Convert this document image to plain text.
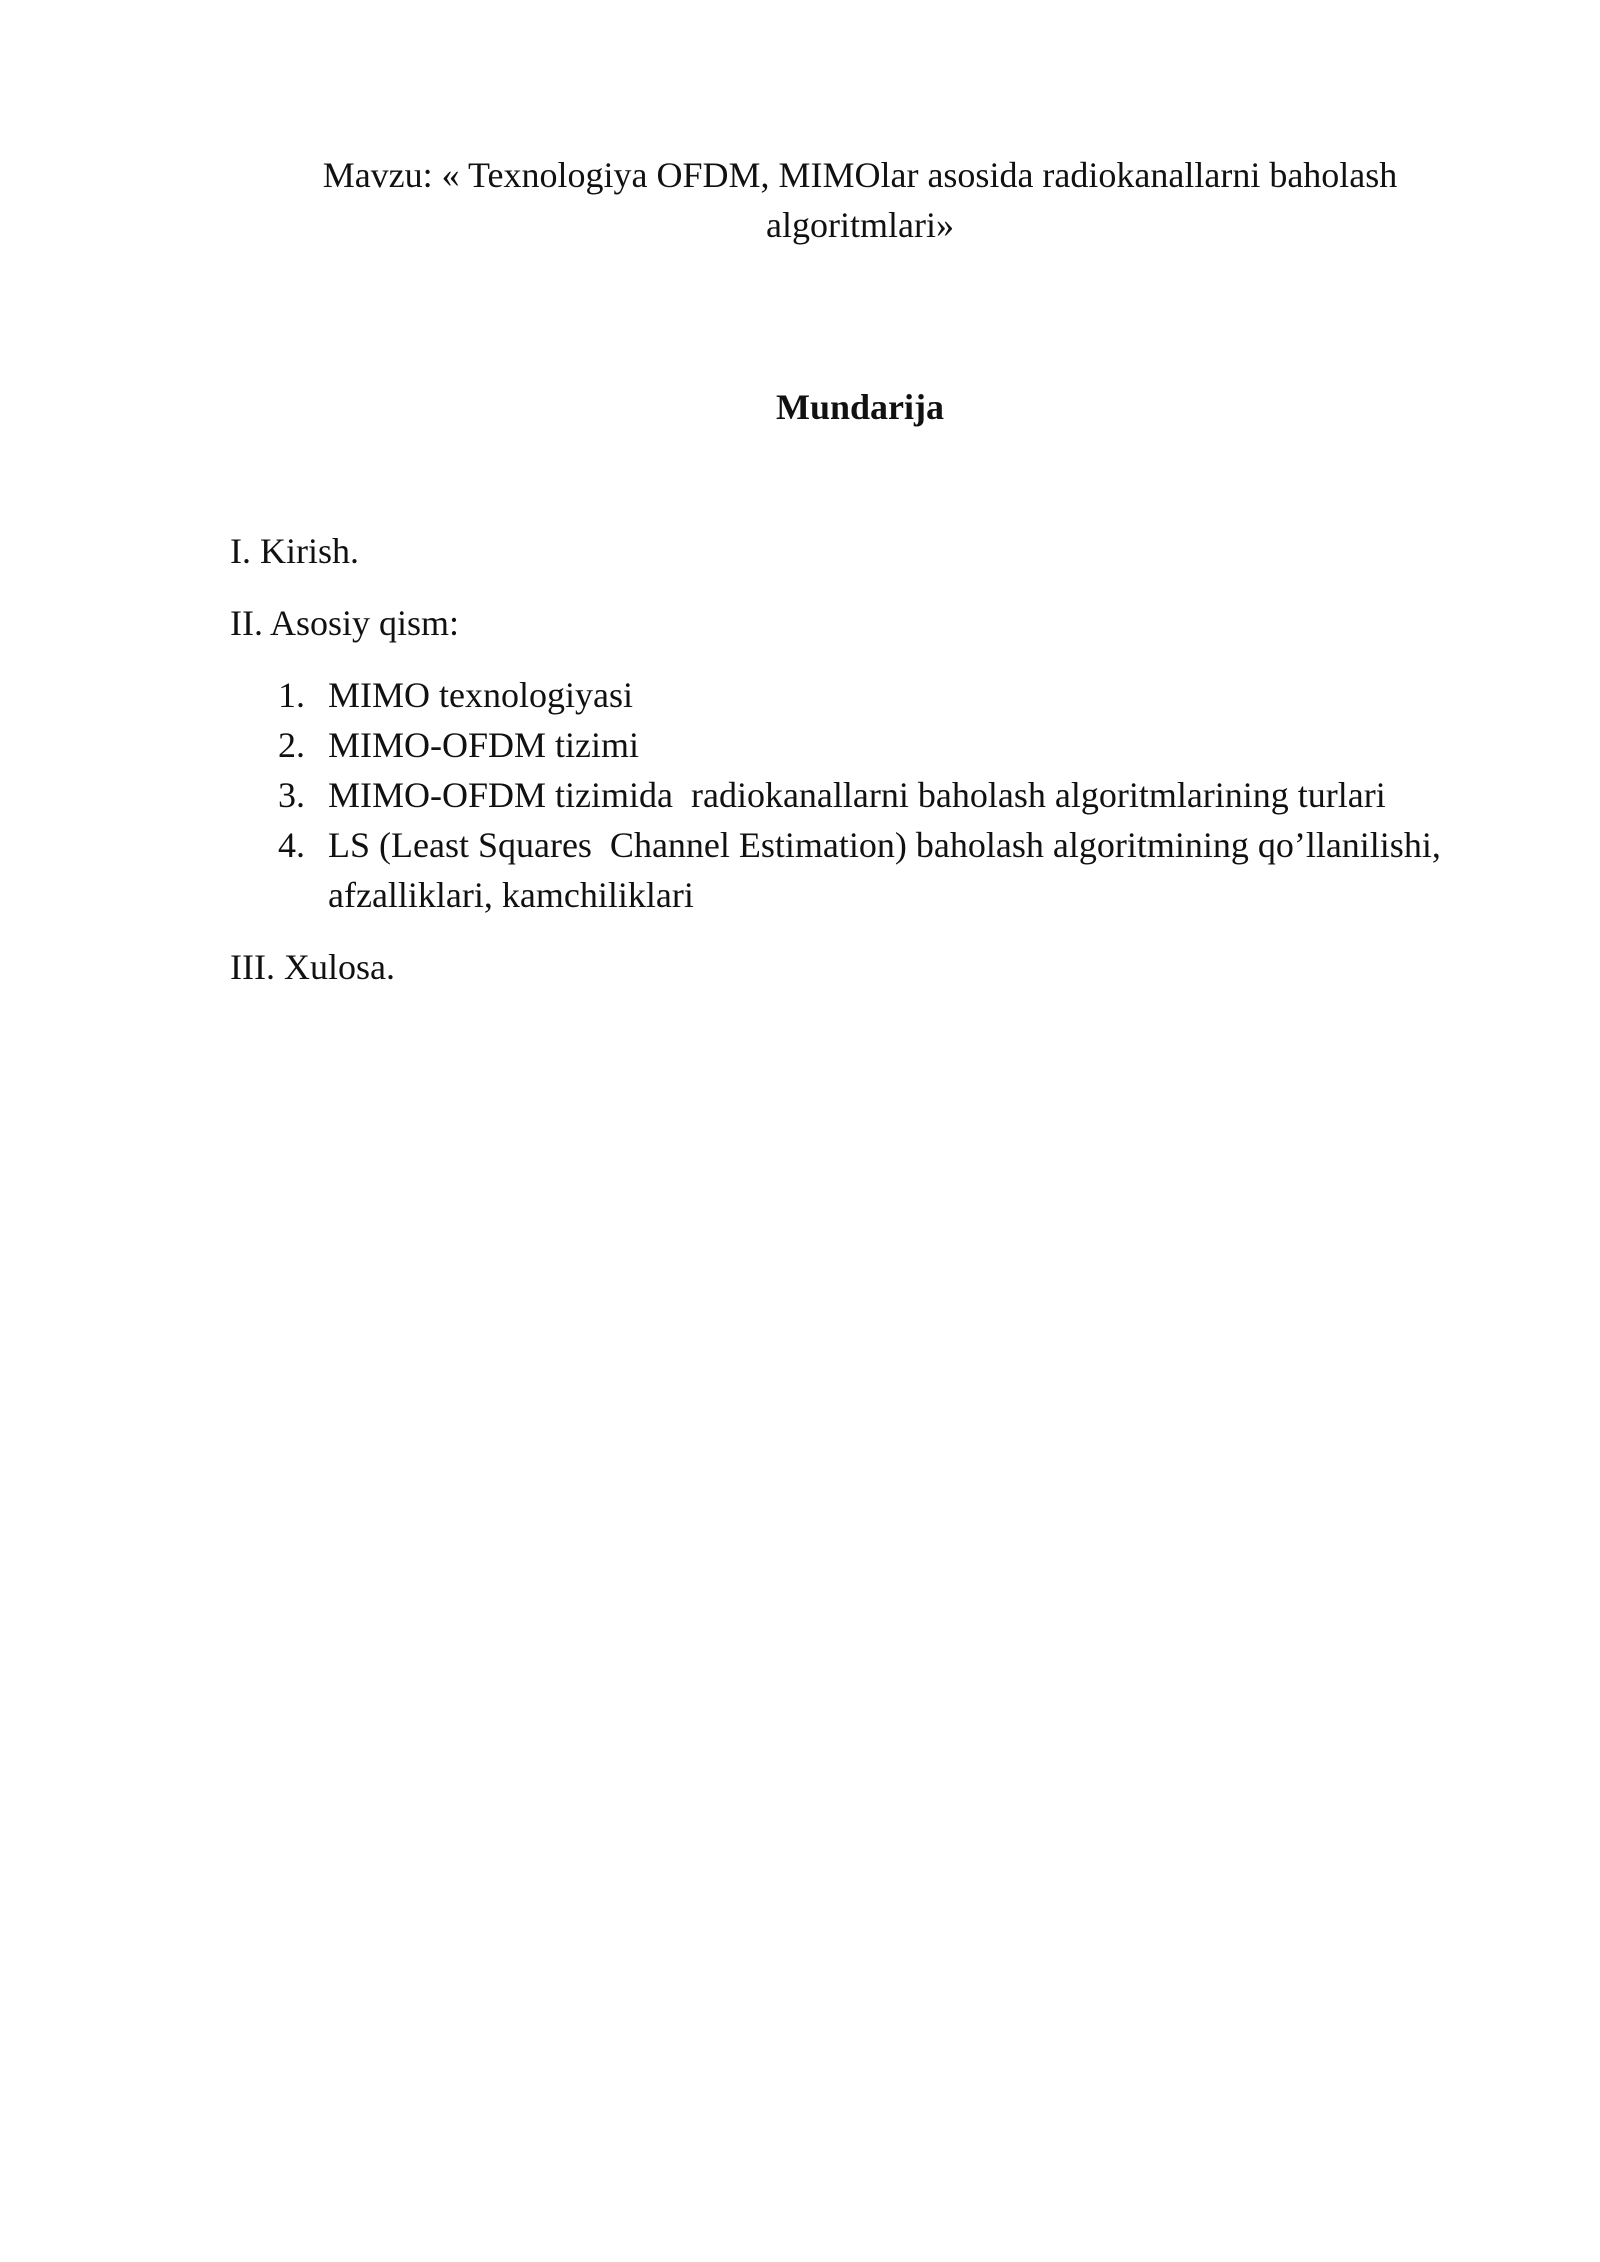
Mavzu: « Texnologiya OFDM, MIMOlar asosida radiokanallarni baholash algoritmlari»
Mundarija
I. Kirish.
II. Asosiy qism:
1. MIMO texnologiyasi
2. MIMO-OFDM tizimi
3. MIMO-OFDM tizimida  radiokanallarni baholash algoritmlarining turlari
4. LS (Least Squares  Channel Estimation) baholash algoritmining qo’llanilishi, afzalliklari, kamchiliklari
III. Xulosa.
